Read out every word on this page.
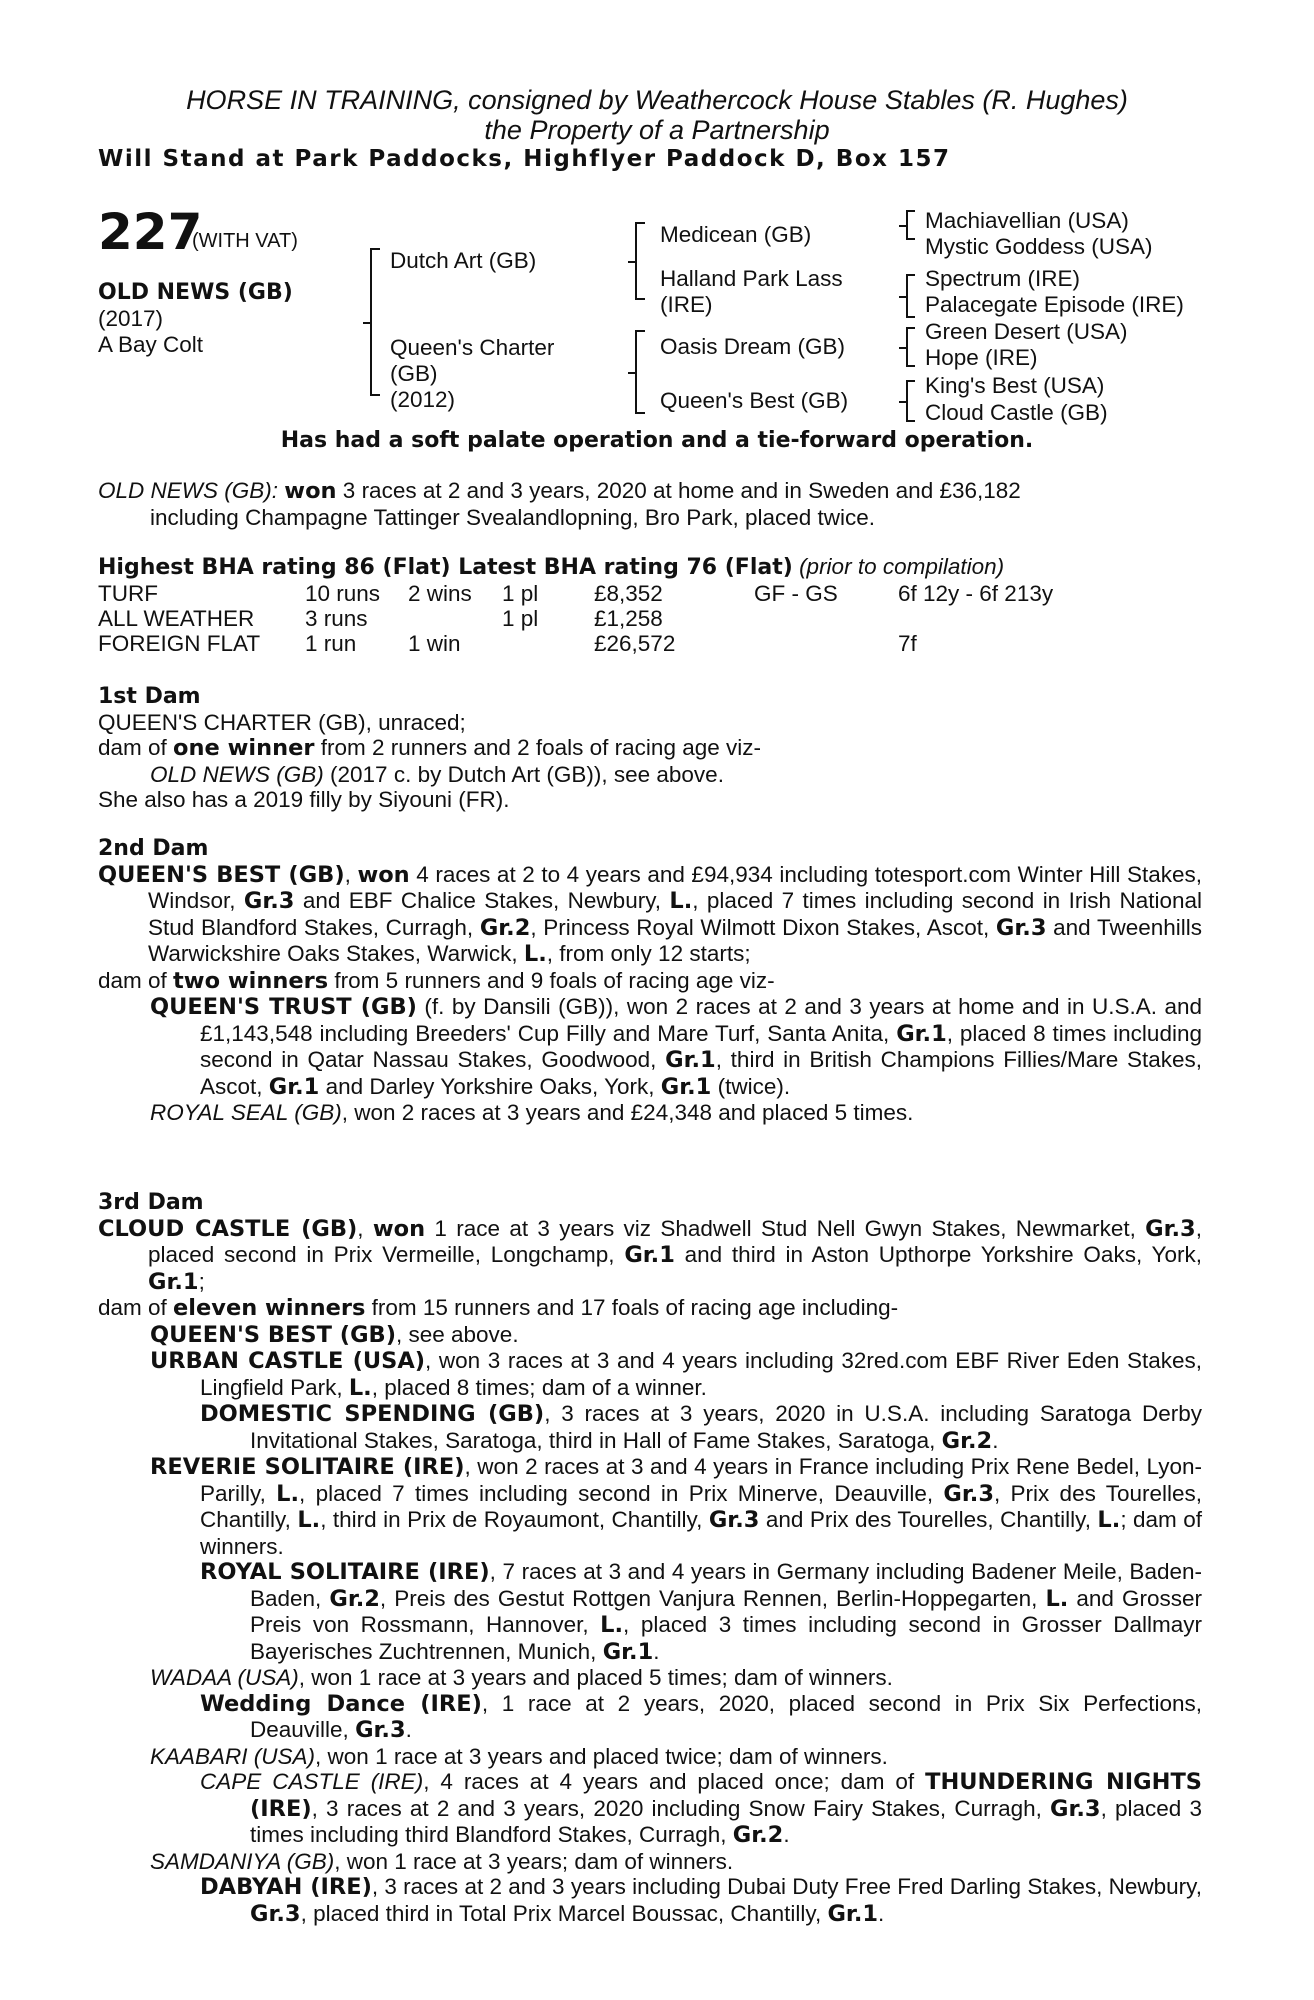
HORSE IN TRAINING, consigned by Weathercock House Stables (R. Hughes)
the Property of a Partnership
Will Stand at Park Paddocks, Highflyer Paddock D, Box 157
227
(WITH VAT)
OLD NEWS (GB)
(2017)
A Bay Colt
Dutch Art (GB)
Queen's Charter
(GB)
(2012)
Medicean (GB)
Halland Park Lass
(IRE)
Oasis Dream (GB)
Queen's Best (GB)
Machiavellian (USA)
Mystic Goddess (USA)
Spectrum (IRE)
Palacegate Episode (IRE)
Green Desert (USA)
Hope (IRE)
King's Best (USA)
Cloud Castle (GB)
Has had a soft palate operation and a tie-forward operation.

OLD NEWS (GB): won 3 races at 2 and 3 years, 2020 at home and in Sweden and £36,182

including Champagne Tattinger Svealandlopning, Bro Park, placed twice.

Highest BHA rating 86 (Flat) Latest BHA rating 76 (Flat) (prior to compilation)

TURF	10 runs	2 wins	1 pl	£8,352	GF - GS	6f 12y - 6f 213y
ALL WEATHER	3 runs		1 pl	£1,258		
FOREIGN FLAT	1 run	1 win		£26,572		7f

1st Dam

QUEEN'S CHARTER (GB), unraced;

dam of one winner from 2 runners and 2 foals of racing age viz-

OLD NEWS (GB) (2017 c. by Dutch Art (GB)), see above.

She also has a 2019 filly by Siyouni (FR).

2nd Dam

QUEEN'S BEST (GB), won 4 races at 2 to 4 years and £94,934 including totesport.com Winter Hill Stakes, Windsor, Gr.3 and EBF Chalice Stakes, Newbury, L., placed 7 times including second in Irish National Stud Blandford Stakes, Curragh, Gr.2, Princess Royal Wilmott Dixon Stakes, Ascot, Gr.3 and Tweenhills Warwickshire Oaks Stakes, Warwick, L., from only 12 starts;

dam of two winners from 5 runners and 9 foals of racing age viz-

QUEEN'S TRUST (GB) (f. by Dansili (GB)), won 2 races at 2 and 3 years at home and in U.S.A. and £1,143,548 including Breeders' Cup Filly and Mare Turf, Santa Anita, Gr.1, placed 8 times including second in Qatar Nassau Stakes, Goodwood, Gr.1, third in British Champions Fillies/Mare Stakes, Ascot, Gr.1 and Darley Yorkshire Oaks, York, Gr.1 (twice).

ROYAL SEAL (GB), won 2 races at 3 years and £24,348 and placed 5 times.

3rd Dam

CLOUD CASTLE (GB), won 1 race at 3 years viz Shadwell Stud Nell Gwyn Stakes, Newmarket, Gr.3, placed second in Prix Vermeille, Longchamp, Gr.1 and third in Aston Upthorpe Yorkshire Oaks, York, Gr.1;

dam of eleven winners from 15 runners and 17 foals of racing age including-

QUEEN'S BEST (GB), see above.

URBAN CASTLE (USA), won 3 races at 3 and 4 years including 32red.com EBF River Eden Stakes, Lingfield Park, L., placed 8 times; dam of a winner.

DOMESTIC SPENDING (GB), 3 races at 3 years, 2020 in U.S.A. including Saratoga Derby Invitational Stakes, Saratoga, third in Hall of Fame Stakes, Saratoga, Gr.2.

REVERIE SOLITAIRE (IRE), won 2 races at 3 and 4 years in France including Prix Rene Bedel, Lyon-Parilly, L., placed 7 times including second in Prix Minerve, Deauville, Gr.3, Prix des Tourelles, Chantilly, L., third in Prix de Royaumont, Chantilly, Gr.3 and Prix des Tourelles, Chantilly, L.; dam of winners.

ROYAL SOLITAIRE (IRE), 7 races at 3 and 4 years in Germany including Badener Meile, Baden-Baden, Gr.2, Preis des Gestut Rottgen Vanjura Rennen, Berlin-Hoppegarten, L. and Grosser Preis von Rossmann, Hannover, L., placed 3 times including second in Grosser Dallmayr Bayerisches Zuchtrennen, Munich, Gr.1.

WADAA (USA), won 1 race at 3 years and placed 5 times; dam of winners.

Wedding Dance (IRE), 1 race at 2 years, 2020, placed second in Prix Six Perfections, Deauville, Gr.3.

KAABARI (USA), won 1 race at 3 years and placed twice; dam of winners.

CAPE CASTLE (IRE), 4 races at 4 years and placed once; dam of THUNDERING NIGHTS (IRE), 3 races at 2 and 3 years, 2020 including Snow Fairy Stakes, Curragh, Gr.3, placed 3 times including third Blandford Stakes, Curragh, Gr.2.

SAMDANIYA (GB), won 1 race at 3 years; dam of winners.

DABYAH (IRE), 3 races at 2 and 3 years including Dubai Duty Free Fred Darling Stakes, Newbury, Gr.3, placed third in Total Prix Marcel Boussac, Chantilly, Gr.1.
